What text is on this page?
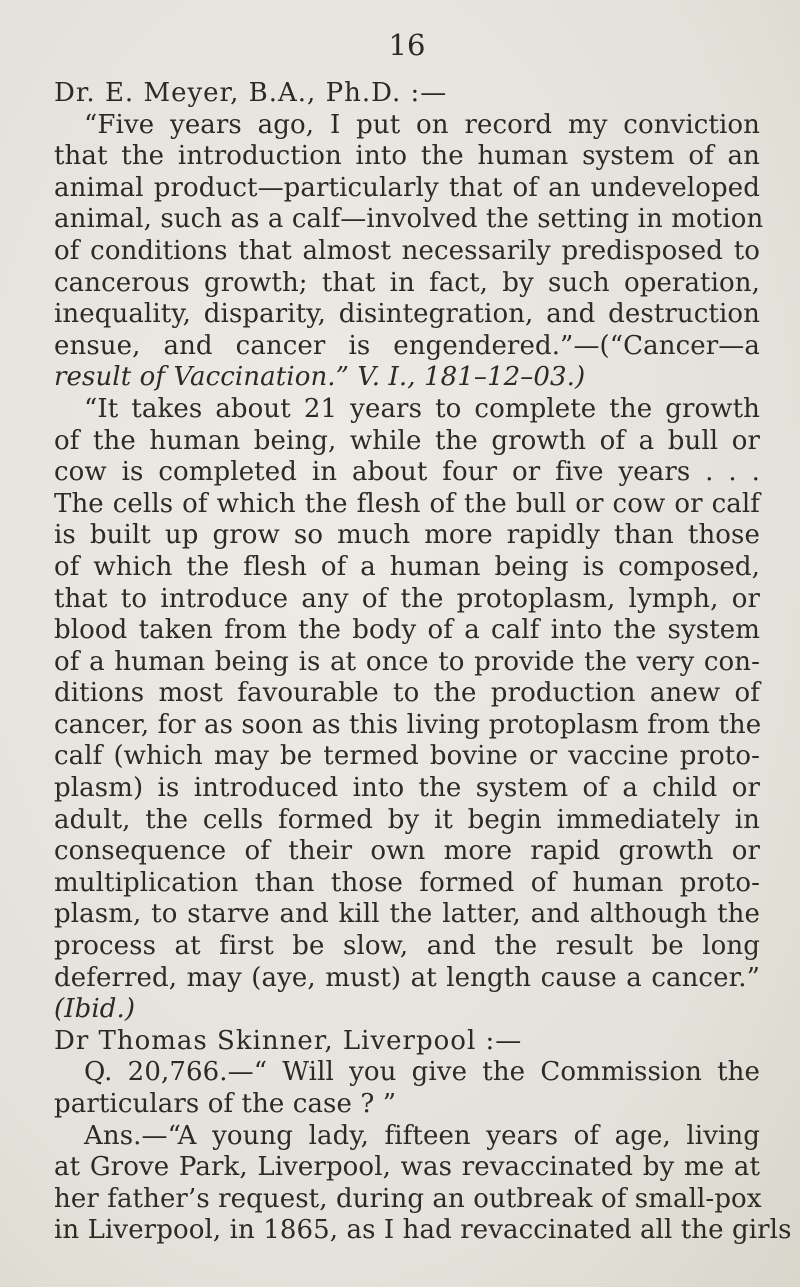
16
Dr. E. Meyer, B.A., Ph.D. :—
“Five years ago, I put on record my conviction
that the introduction into the human system of an
animal product—particularly that of an undeveloped
animal, such as a calf—involved the setting in motion
of conditions that almost necessarily predisposed to
cancerous growth; that in fact, by such operation,
inequality, disparity, disintegration, and destruction
ensue, and cancer is engendered.”—(“Cancer—a
result of Vaccination.” V. I., 181–12–03.)
“It takes about 21 years to complete the growth
of the human being, while the growth of a bull or
cow is completed in about four or five years . . .
The cells of which the flesh of the bull or cow or calf
is built up grow so much more rapidly than those
of which the flesh of a human being is composed,
that to introduce any of the protoplasm, lymph, or
blood taken from the body of a calf into the system
of a human being is at once to provide the very con-
ditions most favourable to the production anew of
cancer, for as soon as this living protoplasm from the
calf (which may be termed bovine or vaccine proto-
plasm) is introduced into the system of a child or
adult, the cells formed by it begin immediately in
consequence of their own more rapid growth or
multiplication than those formed of human proto-
plasm, to starve and kill the latter, and although the
process at first be slow, and the result be long
deferred, may (aye, must) at length cause a cancer.”
(Ibid.)
Dr Thomas Skinner, Liverpool :—
Q. 20,766.—“ Will you give the Commission the
particulars of the case ? ”
Ans.—“A young lady, fifteen years of age, living
at Grove Park, Liverpool, was revaccinated by me at
her father’s request, during an outbreak of small-pox
in Liverpool, in 1865, as I had revaccinated all the girls
